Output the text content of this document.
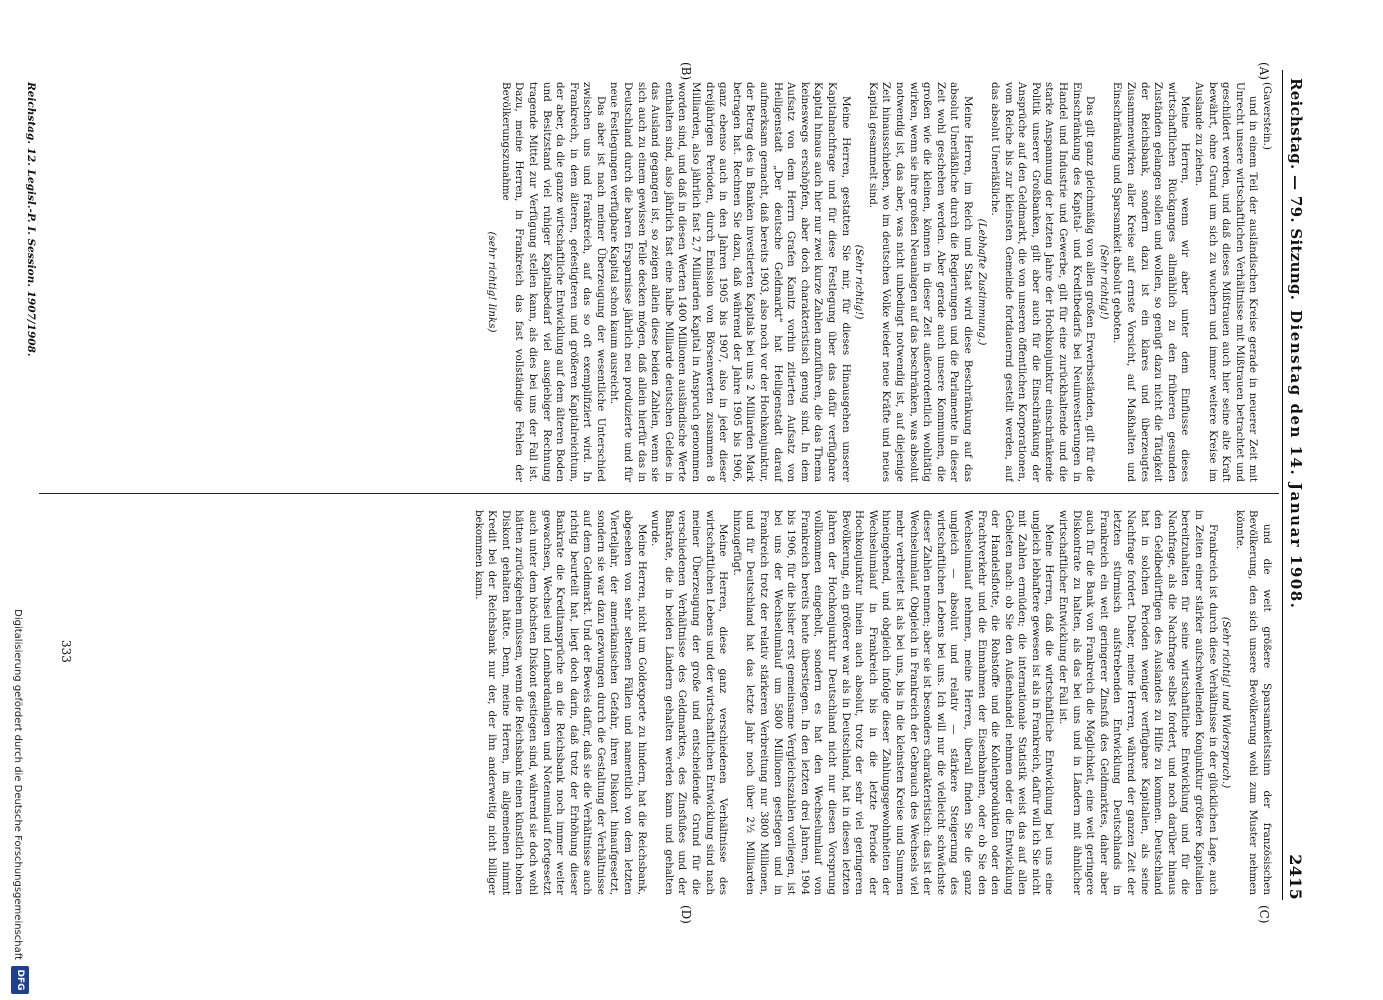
Reichstag. — 79. Sitzung.
Dienstag den 14. Januar 1908.
2415
(A)
(B)
(C)
(D)

(Gaverstein.)

und in einem Teil der ausländischen Kreise gerade in neuerer Zeit mit Unrecht unsere wirtschaftlichen Verhältnisse mit Mißtrauen betrachtet und geschildert werden, und daß dieses Mißtrauen auch hier seine alte Kraft bewährt, ohne Grund um sich zu wuchern und immer weitere Kreise im Auslande zu ziehen.

Meine Herren, wenn wir aber unter dem Einflusse dieses wirtschaftlichen Rückganges allmählich zu den früheren gesunden Zuständen gelangen sollen und wollen, so genügt dazu nicht die Tätigkeit der Reichsbank, sondern dazu ist ein klares und überzeugtes Zusammenwirken aller Kreise auf ernste Vorsicht, auf Maßhalten und Einschränkung und Sparsamkeit absolut geboten.

(Sehr richtig!)

Das gilt ganz gleichmäßig von allen großen Erwerbsständen, gilt für die Einschränkung des Kapital- und Kreditbedarfs bei Neuinvestierungen in Handel und Industrie und Gewerbe, gilt für eine zurückhaltende und die starke Anspannung der letzten Jahre der Hochkonjunktur einschränkende Politik unserer Großbanken, gilt aber auch für die Einschränkung der Ansprüche auf den Geldmarkt, die von unseren öffentlichen Korporationen, vom Reiche bis zur kleinsten Gemeinde fortdauernd gestellt werden, auf das absolut Unerläßliche.

(Lebhafte Zustimmung.)

Meine Herren, im Reich und Staat wird diese Beschränkung auf das absolut Unerläßliche durch die Regierungen und die Parlamente in dieser Zeit wohl geschehen werden. Aber gerade auch unsere Kommunen, die großen wie die kleinen, können in dieser Zeit außerordentlich wohltätig wirken, wenn sie ihre großen Neuanlagen auf das beschränken, was absolut notwendig ist, das aber, was nicht unbedingt notwendig ist, auf diejenige Zeit hinausschieben, wo im deutschen Volke wieder neue Kräfte und neues Kapital gesammelt sind.

(Sehr richtig!)

Meine Herren, gestatten Sie mir, für dieses Hinausgehen unserer Kapitalnachfrage und für diese Festlegung über das dafür verfügbare Kapital hinaus auch hier nur zwei kurze Zahlen anzuführen, die das Thema keineswegs erschöpfen, aber doch charakteristisch genug sind. In dem Aufsatz von dem Herrn Grafen Kanitz vorhin zitierten Aufsatz von Heiligenstadt „Der deutsche Geldmarkt“ hat Heiligenstadt darauf aufmerksam gemacht, daß bereits 1903, also noch vor der Hochkonjunktur, der Betrag des in Banken investierten Kapitals bei uns 2 Milliarden Mark betragen hat. Rechnen Sie dazu, daß während der Jahre 1905 bis 1906, ganz ebenso auch in den Jahren 1905 bis 1907, also in jeder dieser dreijährigen Perioden, durch Emission von Börsenwerten zusammen 8 Milliarden, also jährlich fast 2,7 Milliarden Kapital in Anspruch genommen worden sind, und daß in diesen Werten 1400 Millionen ausländische Werte enthalten sind, also jährlich fast eine halbe Milliarde deutschen Geldes in das Ausland gegangen ist, so zeigen allein diese beiden Zahlen, wenn sie sich auch zu einem gewissen Teile decken mögen, daß allein hierfür das in Deutschland durch die baren Ersparnisse jährlich neu produzierte und für neue Festlegungen verfügbare Kapital schon kaum ausreicht.

Das aber ist nach meiner Überzeugung der wesentliche Unterschied zwischen uns und Frankreich, auf das so oft exemplifiziert wird. In Frankreich, in dem älteren, gefestigteren und größeren Kapitalreichtum, der aber, da die ganze wirtschaftliche Entwicklung auf dem älteren Boden und Besitzstand viel ruhiger Kapitalbedarf viel ausgiebiger Rechnung tragende Mittel zur Verfügung stellen kann, als dies bei uns der Fall ist. Dazu, meine Herren, in Frankreich das fast vollständige Fehlen der Bevölkerungszunahme

(sehr richtig! links)

und die weit größere Sparsamkeitssinn der französischen Bevölkerung, den sich unsere Bevölkerung wohl zum Muster nehmen könnte.

(Sehr richtig! und Widerspruch.)

Frankreich ist durch diese Verhältnisse in der glücklichen Lage, auch in Zeiten einer stärker aufschwellenden Konjunktur größere Kapitalien bereitzuhalten für seine wirtschaftliche Entwicklung und für die Nachfrage, als die Nachfrage selbst fordert, und noch darüber hinaus den Geldbedürftigen des Auslandes zu Hilfe zu kommen. Deutschland hat in solchen Perioden weniger verfügbare Kapitalien, als seine Nachfrage fordert. Daher, meine Herren, während der ganzen Zeit der letzten stürmisch aufstrebenden Entwicklung Deutschlands in Frankreich ein weit geringerer Zinsfuß des Geldmarktes, daher aber auch für die Bank von Frankreich die Möglichkeit, eine weit geringere Diskontrate zu halten, als das bei uns und in Ländern mit ähnlicher wirtschaftlicher Entwicklung der Fall ist.

Meine Herren, daß die wirtschaftliche Entwicklung bei uns eine ungleich lebhaftere gewesen ist als in Frankreich, dafür will ich Sie nicht mit Zahlen ermüden; die internationale Statistik weist das auf allen Gebieten nach: ob Sie den Außenhandel nehmen oder die Entwicklung der Handelsflotte, die Rohstoffe und die Kohlenproduktion oder den Frachtverkehr und die Einnahmen der Eisenbahnen, oder ob Sie den Wechselumlauf nehmen, meine Herren, überall finden Sie die ganz ungleich — absolut und relativ — stärkere Steigerung des wirtschaftlichen Lebens bei uns. Ich will nur die vielleicht schwächste dieser Zahlen nennen; aber sie ist besonders charakteristisch: das ist der Wechselumlauf. Obgleich in Frankreich der Gebrauch des Wechsels viel mehr verbreitet ist als bei uns, bis in die kleinsten Kreise und Summen hineingehend, und obgleich infolge dieser Zahlungsgewohnheiten der Wechselumlauf in Frankreich bis in die letzte Periode der Hochkonjunktur hinein auch absolut, trotz der sehr viel geringeren Bevölkerung, ein größerer war als in Deutschland, hat in diesen letzten Jahren der Hochkonjunktur Deutschland nicht nur diesen Vorsprung vollkommen eingeholt, sondern es hat den Wechselumlauf von Frankreich bereits heute überstiegen. In den letzten drei Jahren, 1904 bis 1906, für die bisher erst gemeinsame Vergleichszahlen vorliegen, ist bei uns der Wechselumlauf um 5800 Millionen gestiegen und in Frankreich trotz der relativ stärkeren Verbreitung nur 3800 Millionen, und für Deutschland hat das letzte Jahr noch über 2½ Milliarden hinzugefügt.

Meine Herren, diese ganz verschiedenen Verhältnisse des wirtschaftlichen Lebens und der wirtschaftlichen Entwicklung sind nach meiner Überzeugung der große und entscheidende Grund für die verschiedenen Verhältnisse des Geldmarktes, des Zinsfußes und der Bankrate, die in beiden Ländern gehalten werden kann und gehalten wurde.

Meine Herren, nicht um Goldexporte zu hindern, hat die Reichsbank, abgesehen von sehr seltenen Fällen und namentlich von dem letzten Vierteljahr, der amerikanischen Gefahr, ihren Diskont hinaufgesetzt, sondern sie war dazu gezwungen durch die Gestaltung der Verhältnisse auf dem Geldmarkt. Und der Beweis dafür, daß sie die Verhältnisse auch richtig beurteilt hat, liegt doch darin, daß trotz der Erhöhung dieser Bankrate die Kreditansprüche an die Reichsbank noch immer weiter gewachsen, Wechsel und Lombardanlagen und Notenumlauf fortgesetzt auch unter dem höchsten Diskont gestiegen sind, während sie doch wohl hätten zurückgehen müssen, wenn die Reichsbank einen künstlich hohen Diskont gehalten hätte. Denn, meine Herren, im allgemeinen nimmt Kredit bei der Reichsbank nur der, der ihn anderweitig nicht billiger bekommen kann.

Reichstag. 12. Legisl.-P. I. Session. 1907/1908.
333
Digitalisierung gefördert durch die Deutsche Forschungsgemeinschaft
DFG
